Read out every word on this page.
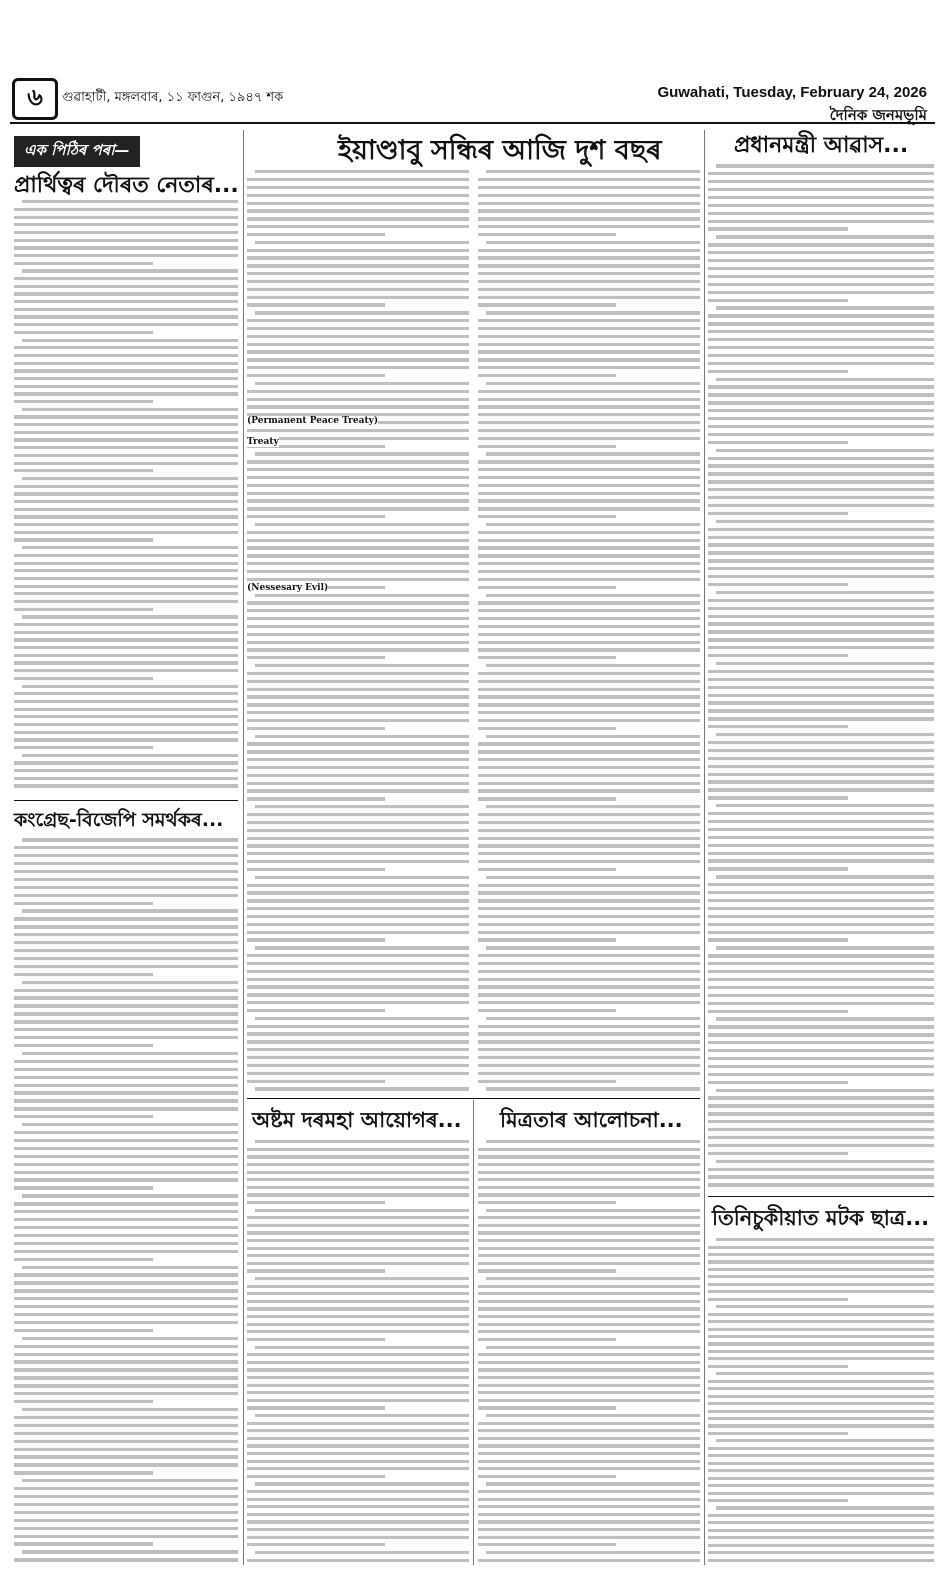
৬	গুৱাহাটী, মঙ্গলবাৰ, ১১ ফাগুন, ১৯৪৭ শক	Guwahati, Tuesday, February 24, 2026
দৈনিক জনমভূমি
এক পিঠিৰ পৰা—
প্ৰাৰ্থিত্বৰ দৌৰত নেতাৰ...
কংগ্ৰেছ-বিজেপি সমৰ্থকৰ...
ইয়াণ্ডাবু সন্ধিৰ আজি দুশ বছৰ
(Nessesary Evil)
(Permanent Peace Treaty)
Treaty
অষ্টম দৰমহা আয়োগৰ... মিত্ৰতাৰ আলোচনা...
প্ৰধানমন্ত্ৰী আৱাস...
তিনিচুকীয়াত মটক ছাত্ৰ...
